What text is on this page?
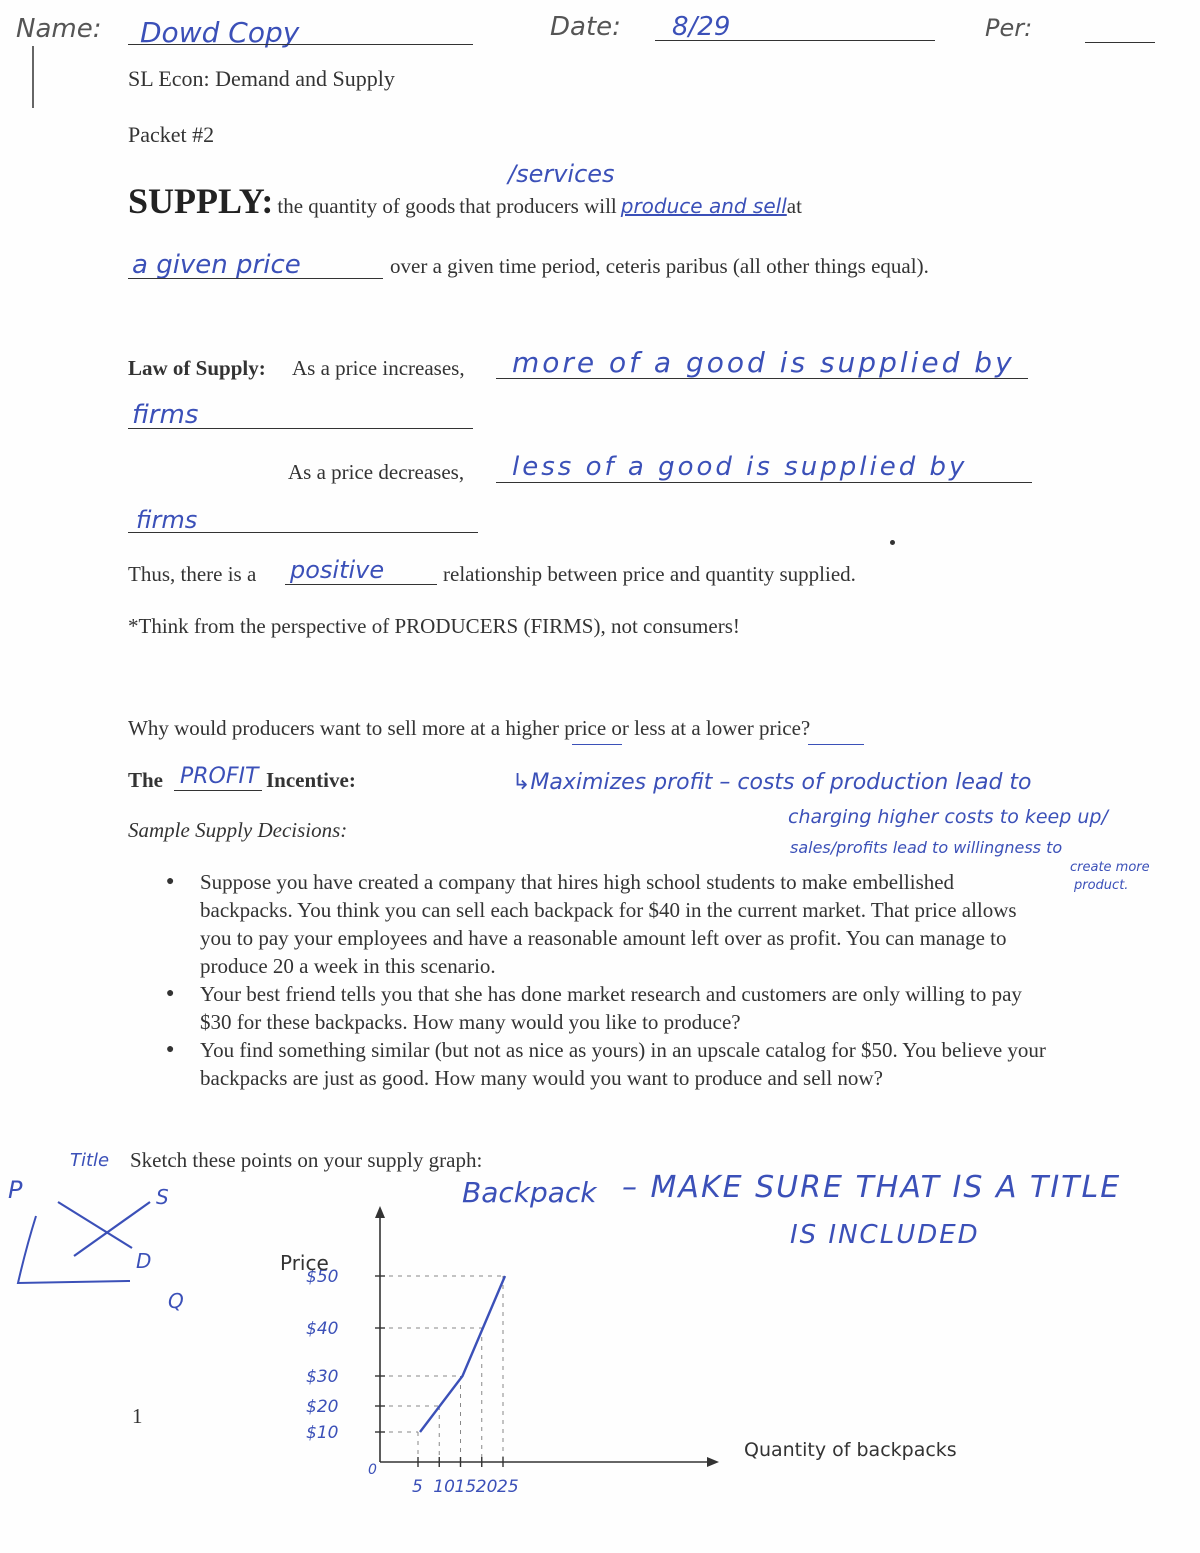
Name: Dowd Copy	Date: 8/29	Per:
SL Econ: Demand and Supply
Packet #2
/services
SUPPLY: the quantity of goods that producers will produce and sellat
a given price	over a given time period, ceteris paribus (all other things equal).
Law of Supply: As a price increases, more of a good is supplied by
firms
As a price decreases, less of a good is supplied by
firms
Thus, there is a positive	relationship between price and quantity supplied.
*Think from the perspective of PRODUCERS (FIRMS), not consumers!
Why would producers want to sell more at a higher price or less at a lower price?
The PROFIT Incentive:	↳Maximizes profit – costs of production lead to
charging higher costs to keep up/
sales/profits lead to willingness to
create more
product.
Sample Supply Decisions:
● Suppose you have created a company that hires high school students to make embellished backpacks. You think you can sell each backpack for $40 in the current market. That price allows you to pay your employees and have a reasonable amount left over as profit. You can manage to produce 20 a week in this scenario.
● Your best friend tells you that she has done market research and customers are only willing to pay $30 for these backpacks. How many would you like to produce?
● You find something similar (but not as nice as yours) in an upscale catalog for $50. You believe your backpacks are just as good. How many would you want to produce and sell now?
Title Sketch these points on your supply graph:
Backpack – MAKE SURE THAT IS A TITLE
IS INCLUDED
P	S
D
Q
5 10 15 20 25
$10
$20
$30
$40
$50
Price
Quantity of backpacks
0
1
